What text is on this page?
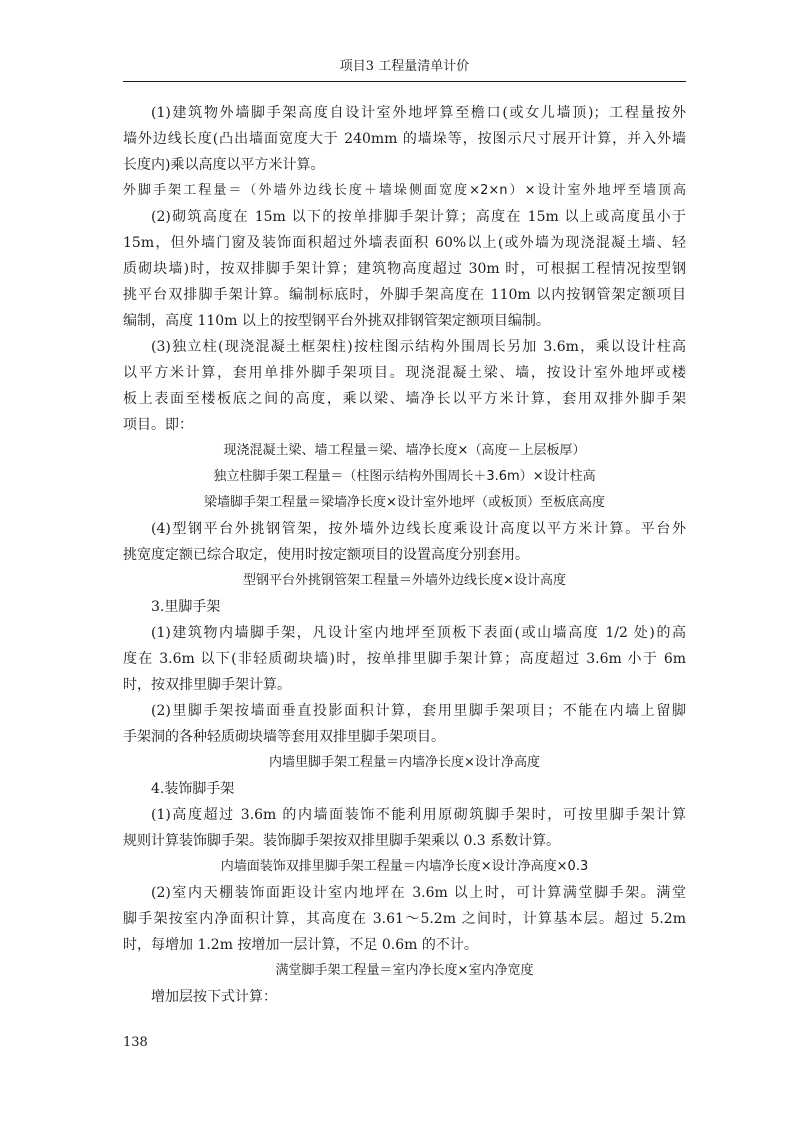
项目3 工程量清单计价
(1)建筑物外墙脚手架高度自设计室外地坪算至檐口(或女儿墙顶)；工程量按外
墙外边线长度(凸出墙面宽度大于 240mm 的墙垛等，按图示尺寸展开计算，并入外墙
长度内)乘以高度以平方米计算。
外脚手架工程量＝（外墙外边线长度＋墙垛侧面宽度×2×n）×设计室外地坪至墙顶高
(2)砌筑高度在 15m 以下的按单排脚手架计算；高度在 15m 以上或高度虽小于
15m，但外墙门窗及装饰面积超过外墙表面积 60%以上(或外墙为现浇混凝土墙、轻
质砌块墙)时，按双排脚手架计算；建筑物高度超过 30m 时，可根据工程情况按型钢
挑平台双排脚手架计算。编制标底时，外脚手架高度在 110m 以内按钢管架定额项目
编制，高度 110m 以上的按型钢平台外挑双排钢管架定额项目编制。
(3)独立柱(现浇混凝土框架柱)按柱图示结构外围周长另加 3.6m，乘以设计柱高
以平方米计算，套用单排外脚手架项目。现浇混凝土梁、墙，按设计室外地坪或楼
板上表面至楼板底之间的高度，乘以梁、墙净长以平方米计算，套用双排外脚手架
项目。即：
现浇混凝土梁、墙工程量＝梁、墙净长度×（高度－上层板厚）
独立柱脚手架工程量＝（柱图示结构外围周长＋3.6m）×设计柱高
梁墙脚手架工程量＝梁墙净长度×设计室外地坪（或板顶）至板底高度
(4)型钢平台外挑钢管架，按外墙外边线长度乘设计高度以平方米计算。平台外
挑宽度定额已综合取定，使用时按定额项目的设置高度分别套用。
型钢平台外挑钢管架工程量＝外墙外边线长度×设计高度
3.里脚手架
(1)建筑物内墙脚手架，凡设计室内地坪至顶板下表面(或山墙高度 1/2 处)的高
度在 3.6m 以下(非轻质砌块墙)时，按单排里脚手架计算；高度超过 3.6m 小于 6m
时，按双排里脚手架计算。
(2)里脚手架按墙面垂直投影面积计算，套用里脚手架项目；不能在内墙上留脚
手架洞的各种轻质砌块墙等套用双排里脚手架项目。
内墙里脚手架工程量＝内墙净长度×设计净高度
4.装饰脚手架
(1)高度超过 3.6m 的内墙面装饰不能利用原砌筑脚手架时，可按里脚手架计算
规则计算装饰脚手架。装饰脚手架按双排里脚手架乘以 0.3 系数计算。
内墙面装饰双排里脚手架工程量＝内墙净长度×设计净高度×0.3
(2)室内天棚装饰面距设计室内地坪在 3.6m 以上时，可计算满堂脚手架。满堂
脚手架按室内净面积计算，其高度在 3.61～5.2m 之间时，计算基本层。超过 5.2m
时，每增加 1.2m 按增加一层计算，不足 0.6m 的不计。
满堂脚手架工程量＝室内净长度×室内净宽度
增加层按下式计算：
138
